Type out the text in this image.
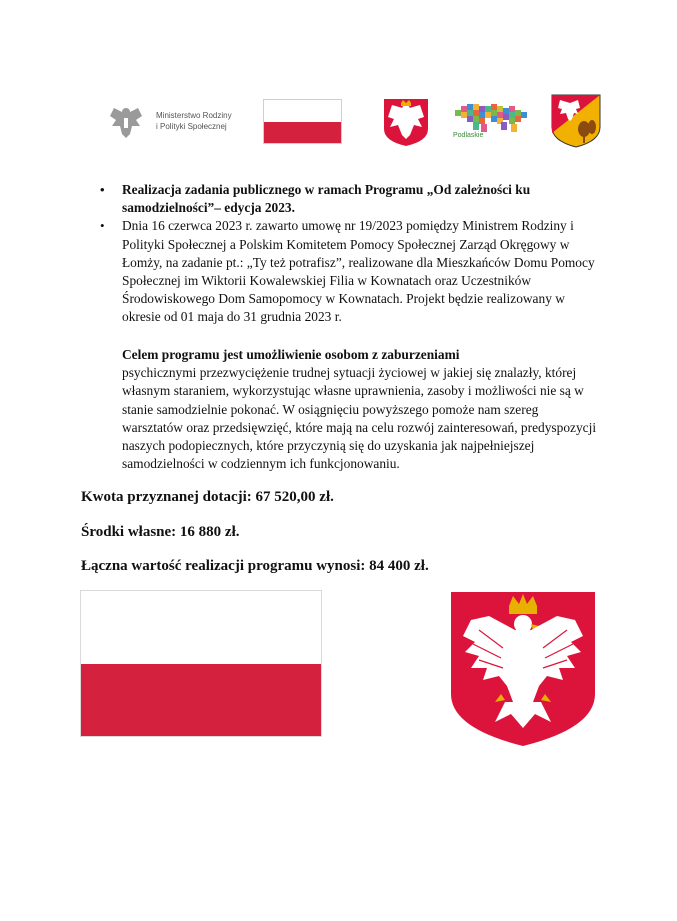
Ministerstwo Rodziny
i Polityki Społecznej
Podlaskie
• Realizacja zadania publicznego w ramach Programu „Od zależności ku
samodzielności”– edycja 2023.
• Dnia 16 czerwca 2023 r. zawarto umowę nr 19/2023 pomiędzy Ministrem Rodziny i Polityki Społecznej a Polskim Komitetem Pomocy Społecznej Zarząd Okręgowy w Łomży, na zadanie pt.: „Ty też potrafisz”, realizowane dla Mieszkańców Domu Pomocy Społecznej im Wiktorii Kowalewskiej Filia w Kownatach oraz Uczestników Środowiskowego Dom Samopomocy w Kownatach. Projekt będzie realizowany w okresie od 01 maja do 31 grudnia 2023 r.
Celem programu jest umożliwienie osobom z zaburzeniami
psychicznymi przezwyciężenie trudnej sytuacji życiowej w jakiej się znalazły, której własnym staraniem, wykorzystując własne uprawnienia, zasoby i możliwości nie są w stanie samodzielnie pokonać. W osiągnięciu powyższego pomoże nam szereg warsztatów oraz przedsięwzięć, które mają na celu rozwój zainteresowań, predyspozycji naszych podopiecznych, które przyczynią się do uzyskania jak najpełniejszej samodzielności w codziennym ich funkcjonowaniu.
Kwota przyznanej dotacji: 67 520,00 zł.
Środki własne: 16 880 zł.
Łączna wartość realizacji programu wynosi: 84 400 zł.
